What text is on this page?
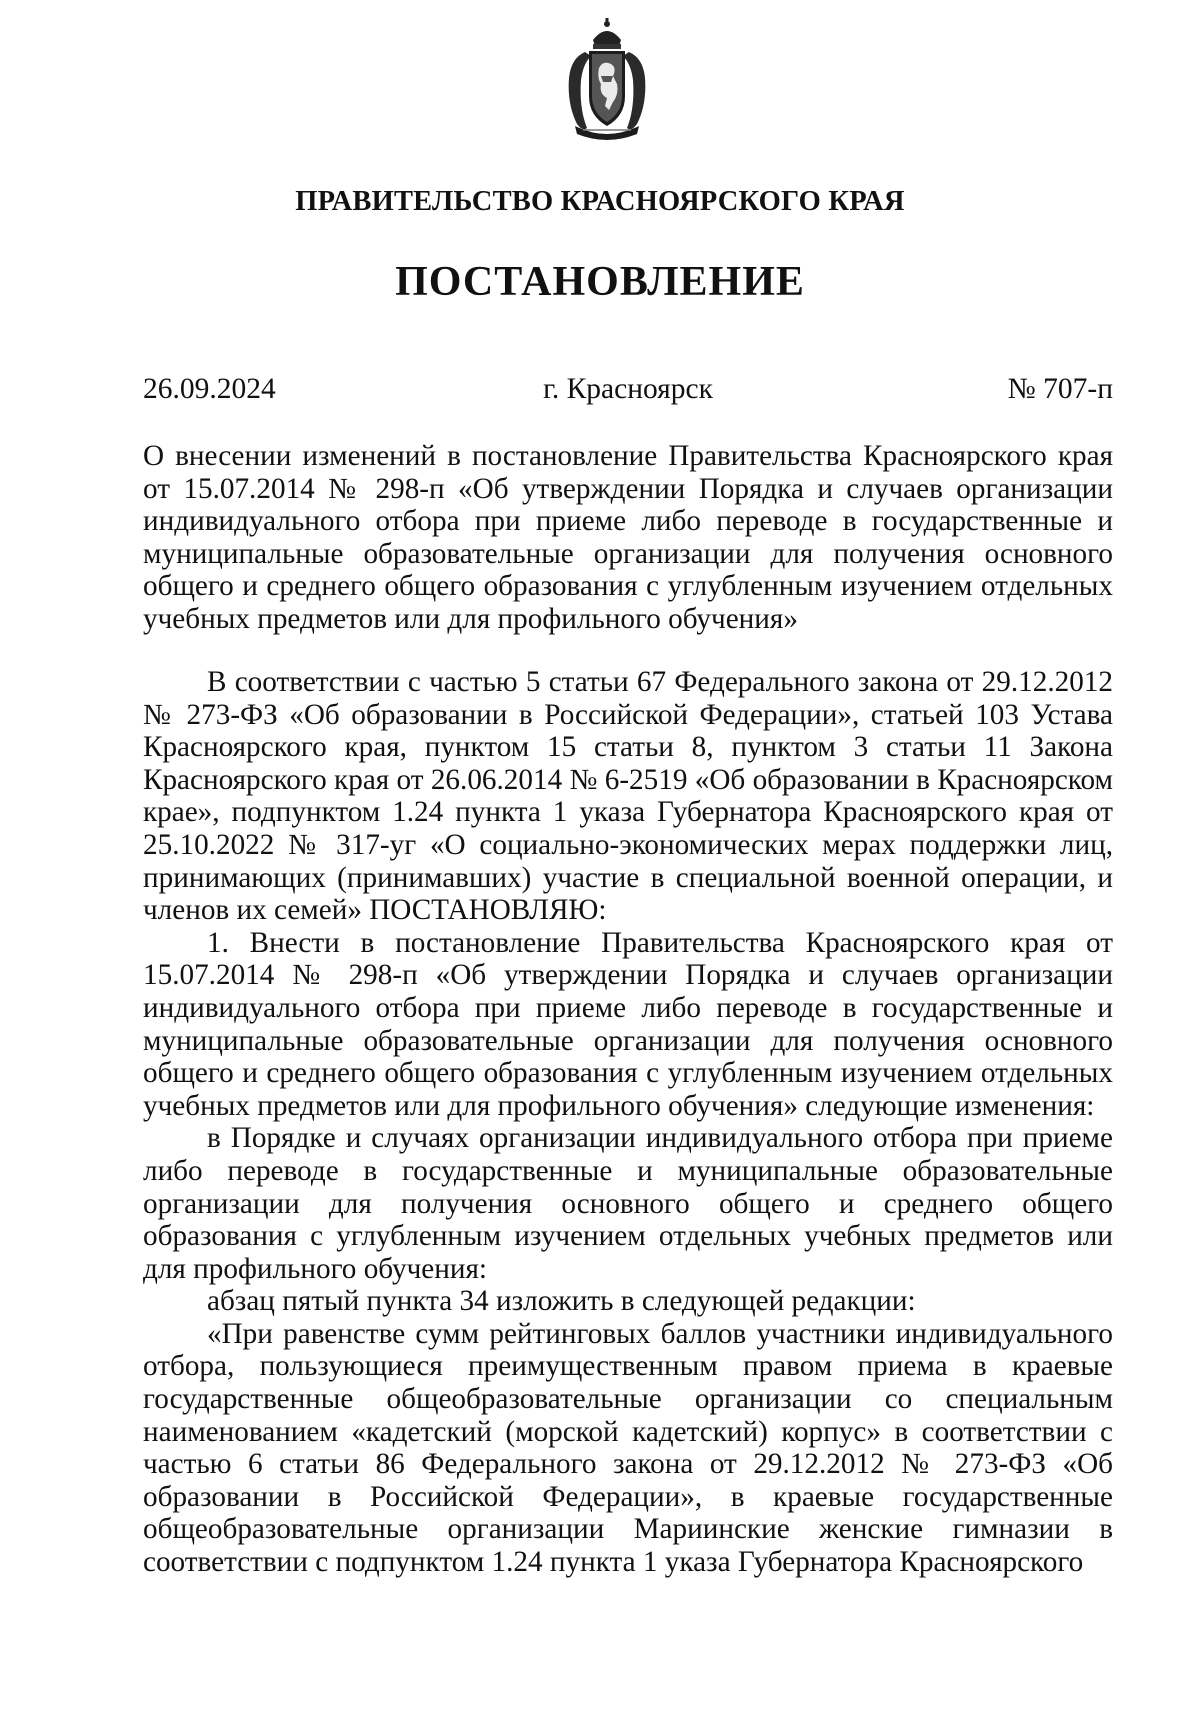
ПРАВИТЕЛЬСТВО КРАСНОЯРСКОГО КРАЯ
ПОСТАНОВЛЕНИЕ
26.09.2024	г. Красноярск	№ 707-п

О внесении изменений в постановление Правительства Красноярского края от 15.07.2014 № 298-п «Об утверждении Порядка и случаев организации индивидуального отбора при приеме либо переводе в государственные и муниципальные образовательные организации для получения основного общего и среднего общего образования с углубленным изучением отдельных учебных предметов или для профильного обучения»

В соответствии с частью 5 статьи 67 Федерального закона от 29.12.2012 № 273-ФЗ «Об образовании в Российской Федерации», статьей 103 Устава Красноярского края, пунктом 15 статьи 8, пунктом 3 статьи 11 Закона Красноярского края от 26.06.2014 № 6-2519 «Об образовании в Красноярском крае», подпунктом 1.24 пункта 1 указа Губернатора Красноярского края от 25.10.2022 № 317-уг «О социально-экономических мерах поддержки лиц, принимающих (принимавших) участие в специальной военной операции, и членов их семей» ПОСТАНОВЛЯЮ:

1. Внести в постановление Правительства Красноярского края от 15.07.2014 № 298-п «Об утверждении Порядка и случаев организации индивидуального отбора при приеме либо переводе в государственные и муниципальные образовательные организации для получения основного общего и среднего общего образования с углубленным изучением отдельных учебных предметов или для профильного обучения» следующие изменения:

в Порядке и случаях организации индивидуального отбора при приеме либо переводе в государственные и муниципальные образовательные организации для получения основного общего и среднего общего образования с углубленным изучением отдельных учебных предметов или для профильного обучения:

абзац пятый пункта 34 изложить в следующей редакции:

«При равенстве сумм рейтинговых баллов участники индивидуального отбора, пользующиеся преимущественным правом приема в краевые государственные общеобразовательные организации со специальным наименованием «кадетский (морской кадетский) корпус» в соответствии с частью 6 статьи 86 Федерального закона от 29.12.2012 № 273-ФЗ «Об образовании в Российской Федерации», в краевые государственные общеобразовательные организации Мариинские женские гимназии в соответствии с подпунктом 1.24 пункта 1 указа Губернатора Красноярского
